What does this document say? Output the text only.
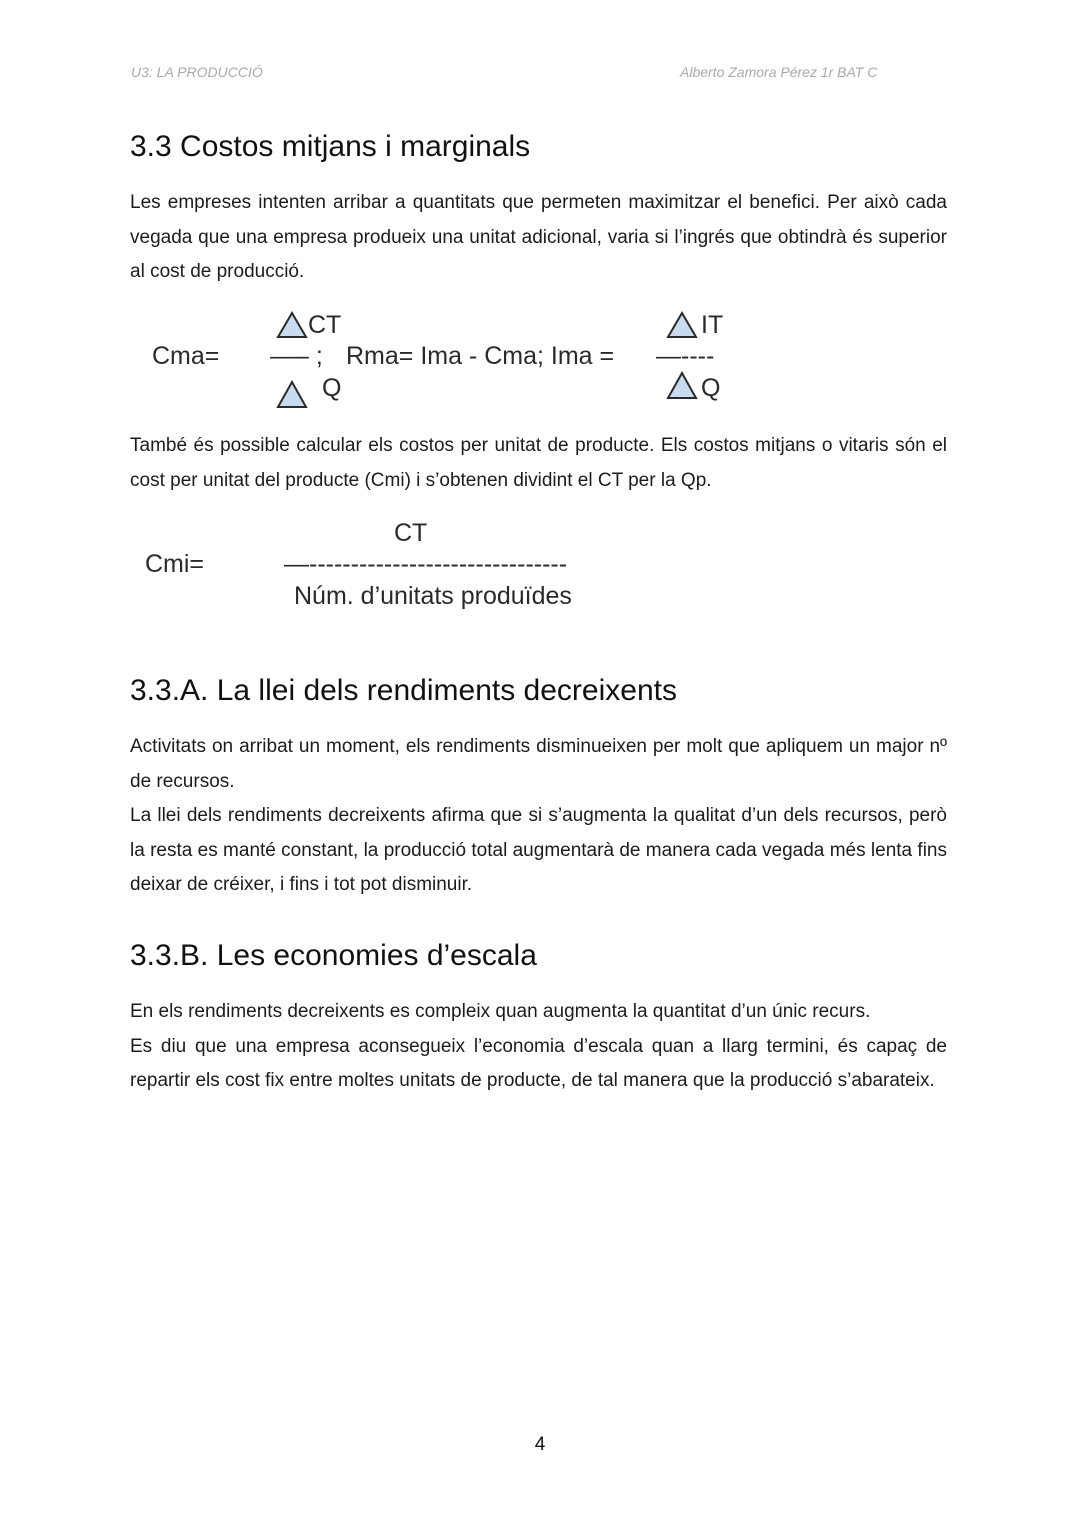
U3: LA PRODUCCIÓ	Alberto Zamora Pérez 1r BAT C
3.3 Costos mitjans i marginals

Les empreses intenten arribar a quantitats que permeten maximitzar el benefici. Per això cada vegada que una empresa produeix una unitat adicional, varia si l’ingrés que obtindrà és superior al cost de producció.

Cma=
CT
—– ; Rma= Ima - Cma; Ima =
Q
IT
—----
Q

També és possible calcular els costos per unitat de producte. Els costos mitjans o vitaris són el cost per unitat del producte (Cmi) i s’obtenen dividint el CT per la Qp.

CT
Cmi=	—-------------------------------
Núm. d’unitats produïdes
3.3.A. La llei dels rendiments decreixents

Activitats on arribat un moment, els rendiments disminueixen per molt que apliquem un major nº de recursos.

La llei dels rendiments decreixents afirma que si s’augmenta la qualitat d’un dels recursos, però la resta es manté constant, la producció total augmentarà de manera cada vegada més lenta fins deixar de créixer, i fins i tot pot disminuir.

3.3.B. Les economies d’escala

En els rendiments decreixents es compleix quan augmenta la quantitat d’un únic recurs.

Es diu que una empresa aconsegueix l’economia d’escala quan a llarg termini, és capaç de repartir els cost fix entre moltes unitats de producte, de tal manera que la producció s’abarateix.

4
